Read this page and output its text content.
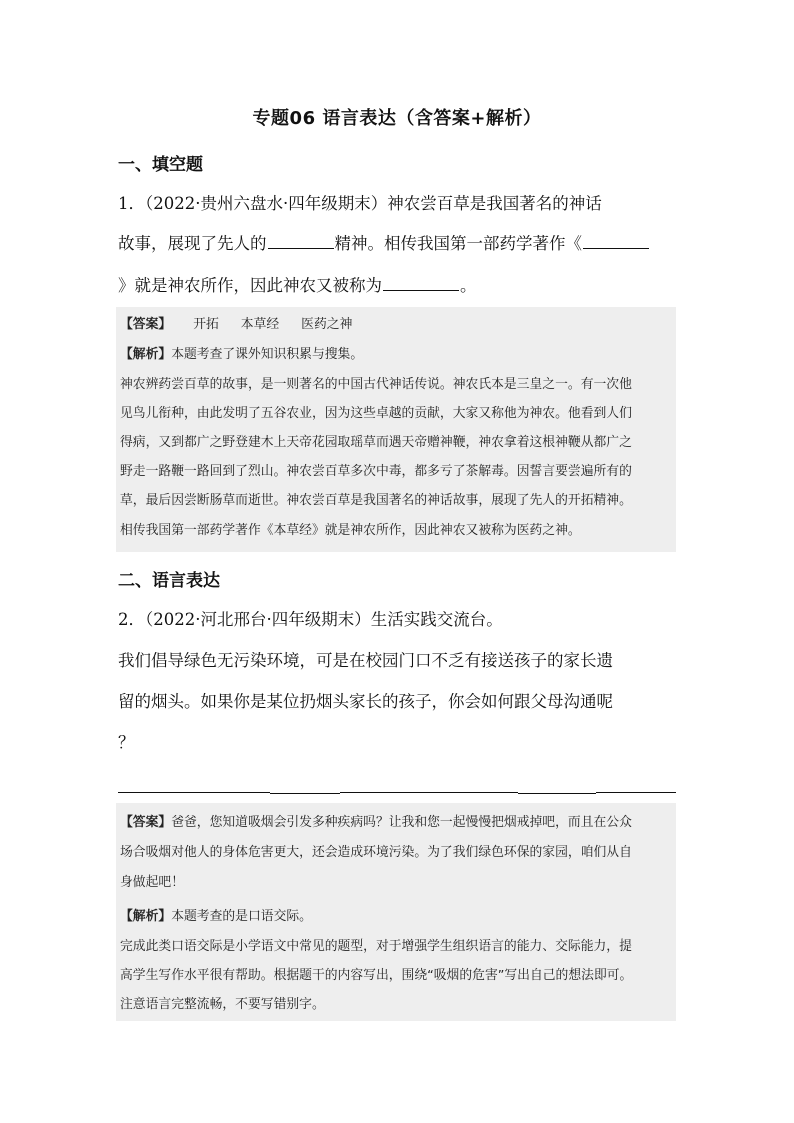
专题06 语言表达（含答案+解析）
一、填空题
1．（2022·贵州六盘水·四年级期末）神农尝百草是我国著名的神话
故事，展现了先人的	精神。相传我国第一部药学著作《
》就是神农所作，因此神农又被称为	。
【答案】 开拓 本草经 医药之神
【解析】本题考查了课外知识积累与搜集。
神农辨药尝百草的故事，是一则著名的中国古代神话传说。神农氏本是三皇之一。有一次他
见鸟儿衔种，由此发明了五谷农业，因为这些卓越的贡献，大家又称他为神农。他看到人们
得病，又到都广之野登建木上天帝花园取瑶草而遇天帝赠神鞭，神农拿着这根神鞭从都广之
野走一路鞭一路回到了烈山。神农尝百草多次中毒，都多亏了茶解毒。因誓言要尝遍所有的
草，最后因尝断肠草而逝世。神农尝百草是我国著名的神话故事，展现了先人的开拓精神。
相传我国第一部药学著作《本草经》就是神农所作，因此神农又被称为医药之神。
二、语言表达
2．（2022·河北邢台·四年级期末）生活实践交流台。
我们倡导绿色无污染环境，可是在校园门口不乏有接送孩子的家长遗
留的烟头。如果你是某位扔烟头家长的孩子，你会如何跟父母沟通呢
？
【答案】爸爸，您知道吸烟会引发多种疾病吗？让我和您一起慢慢把烟戒掉吧，而且在公众
场合吸烟对他人的身体危害更大，还会造成环境污染。为了我们绿色环保的家园，咱们从自
身做起吧！
【解析】本题考查的是口语交际。
完成此类口语交际是小学语文中常见的题型，对于增强学生组织语言的能力、交际能力，提
高学生写作水平很有帮助。根据题干的内容写出，围绕“吸烟的危害”写出自己的想法即可。
注意语言完整流畅，不要写错别字。
